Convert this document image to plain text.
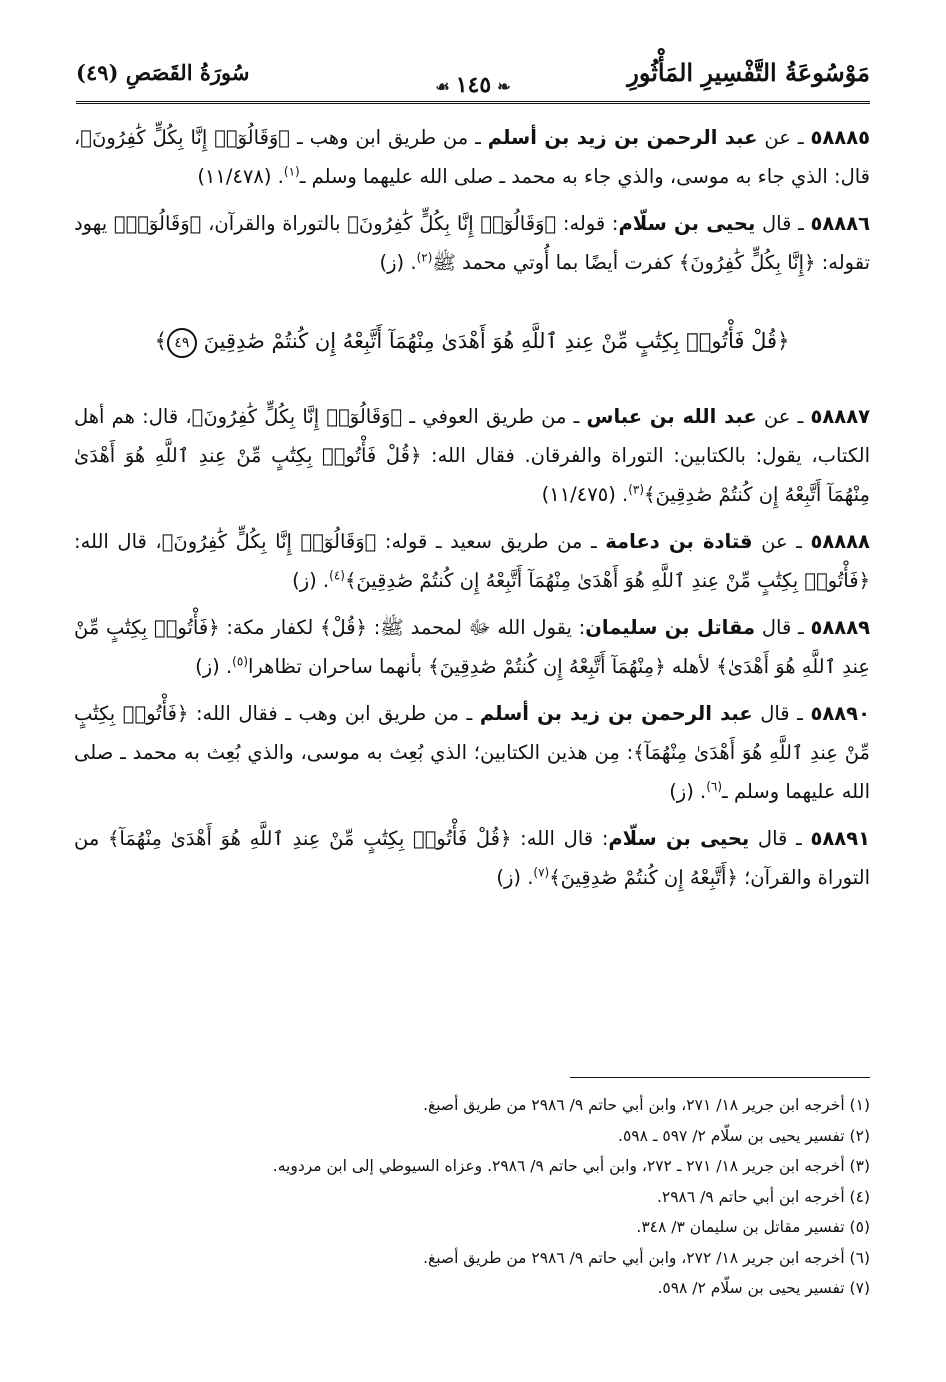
مَوْسُوعَةُ التَّفْسِيرِ المَأْثُورِ
❧١٤٥☙
سُورَةُ القَصَصِ (٤٩)

٥٨٨٨٥ ـ عن عبد الرحمن بن زيد بن أسلم ـ من طريق ابن وهب ـ ﴿وَقَالُوٓا۟ إِنَّا بِكُلٍّ كَٰفِرُونَ﴾، قال: الذي جاء به موسى، والذي جاء به محمد ـ صلى الله عليهما وسلم ـ$^{(١)}$. (١١/٤٧٨)

٥٨٨٨٦ ـ قال يحيى بن سلّام: قوله: ﴿وَقَالُوٓا۟ إِنَّا بِكُلٍّ كَٰفِرُونَ﴾ بالتوراة والقرآن، ﴿وَقَالُوٓا۟﴾ يهود تقوله: ﴿إِنَّا بِكُلٍّ كَٰفِرُونَ﴾ كفرت أيضًا بما أُوتي محمد ﷺ$^{(٢)}$. (ز)

﴿قُلْ فَأْتُوا۟ بِكِتَٰبٍ مِّنْ عِندِ ٱللَّهِ هُوَ أَهْدَىٰ مِنْهُمَآ أَتَّبِعْهُ إِن كُنتُمْ صَٰدِقِينَ ٤٩﴾

٥٨٨٨٧ ـ عن عبد الله بن عباس ـ من طريق العوفي ـ ﴿وَقَالُوٓا۟ إِنَّا بِكُلٍّ كَٰفِرُونَ﴾، قال: هم أهل الكتاب، يقول: بالكتابين: التوراة والفرقان. فقال الله: ﴿قُلْ فَأْتُوا۟ بِكِتَٰبٍ مِّنْ عِندِ ٱللَّهِ هُوَ أَهْدَىٰ مِنْهُمَآ أَتَّبِعْهُ إِن كُنتُمْ صَٰدِقِينَ﴾$^{(٣)}$. (١١/٤٧٥)

٥٨٨٨٨ ـ عن قتادة بن دعامة ـ من طريق سعيد ـ قوله: ﴿وَقَالُوٓا۟ إِنَّا بِكُلٍّ كَٰفِرُونَ﴾، قال الله: ﴿فَأْتُوا۟ بِكِتَٰبٍ مِّنْ عِندِ ٱللَّهِ هُوَ أَهْدَىٰ مِنْهُمَآ أَتَّبِعْهُ إِن كُنتُمْ صَٰدِقِينَ﴾$^{(٤)}$. (ز)

٥٨٨٨٩ ـ قال مقاتل بن سليمان: يقول الله ﷻ لمحمد ﷺ: ﴿قُلْ﴾ لكفار مكة: ﴿فَأْتُوا۟ بِكِتَٰبٍ مِّنْ عِندِ ٱللَّهِ هُوَ أَهْدَىٰ﴾ لأهله ﴿مِنْهُمَآ أَتَّبِعْهُ إِن كُنتُمْ صَٰدِقِينَ﴾ بأنهما ساحران تظاهرا$^{(٥)}$. (ز)

٥٨٨٩٠ ـ قال عبد الرحمن بن زيد بن أسلم ـ من طريق ابن وهب ـ فقال الله: ﴿فَأْتُوا۟ بِكِتَٰبٍ مِّنْ عِندِ ٱللَّهِ هُوَ أَهْدَىٰ مِنْهُمَآ﴾: مِن هذين الكتابين؛ الذي بُعِث به موسى، والذي بُعِث به محمد ـ صلى الله عليهما وسلم ـ$^{(٦)}$. (ز)

٥٨٨٩١ ـ قال يحيى بن سلّام: قال الله: ﴿قُلْ فَأْتُوا۟ بِكِتَٰبٍ مِّنْ عِندِ ٱللَّهِ هُوَ أَهْدَىٰ مِنْهُمَآ﴾ من التوراة والقرآن؛ ﴿أَتَّبِعْهُ إِن كُنتُمْ صَٰدِقِينَ﴾$^{(٧)}$. (ز)

(١) أخرجه ابن جرير ١٨/ ٢٧١، وابن أبي حاتم ٩/ ٢٩٨٦ من طريق أصبغ.
(٢) تفسير يحيى بن سلّام ٢/ ٥٩٧ ـ ٥٩٨.
(٣) أخرجه ابن جرير ١٨/ ٢٧١ ـ ٢٧٢، وابن أبي حاتم ٩/ ٢٩٨٦. وعزاه السيوطي إلى ابن مردويه.
(٤) أخرجه ابن أبي حاتم ٩/ ٢٩٨٦.
(٥) تفسير مقاتل بن سليمان ٣/ ٣٤٨.
(٦) أخرجه ابن جرير ١٨/ ٢٧٢، وابن أبي حاتم ٩/ ٢٩٨٦ من طريق أصبغ.
(٧) تفسير يحيى بن سلّام ٢/ ٥٩٨.
